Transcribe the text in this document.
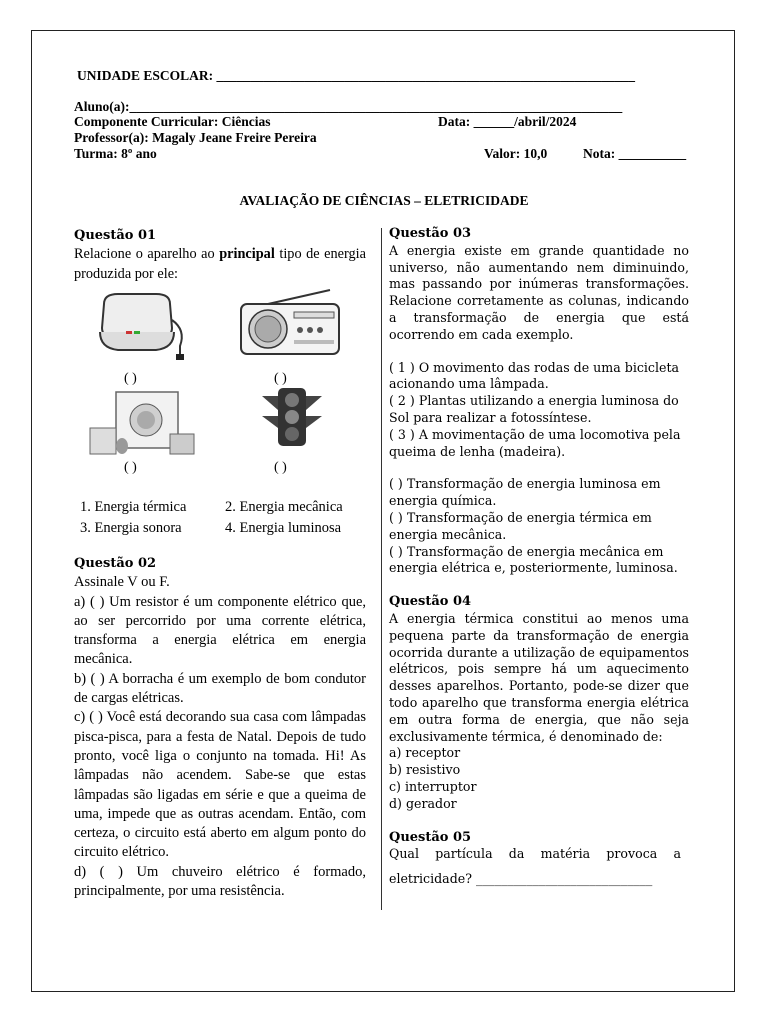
UNIDADE ESCOLAR: ______________________________________________________________
Aluno(a):_________________________________________________________________________
Componente Curricular: Ciências	Data: ______/abril/2024
Professor(a): Magaly Jeane Freire Pereira
Turma: 8º ano	Valor: 10,0	Nota: __________
AVALIAÇÃO DE CIÊNCIAS – ELETRICIDADE
Questão 01
Relacione o aparelho ao principal tipo de energia produzida por ele:
( )	( )
( )	( )
1. Energia térmica	2. Energia mecânica
3. Energia sonora	4. Energia luminosa
Questão 02
Assinale V ou F.
a) ( ) Um resistor é um componente elétrico que, ao ser percorrido por uma corrente elétrica, transforma a energia elétrica em energia mecânica.
b) ( ) A borracha é um exemplo de bom condutor de cargas elétricas.
c) ( ) Você está decorando sua casa com lâmpadas pisca-pisca, para a festa de Natal. Depois de tudo pronto, você liga o conjunto na tomada. Hi! As lâmpadas não acendem. Sabe-se que estas lâmpadas são ligadas em série e que a queima de uma, impede que as outras acendam. Então, com certeza, o circuito está aberto em algum ponto do circuito elétrico.
d) ( ) Um chuveiro elétrico é formado, principalmente, por uma resistência.
Questão 03
A energia existe em grande quantidade no universo, não aumentando nem diminuindo, mas passando por inúmeras transformações. Relacione corretamente as colunas, indicando a transformação de energia que está ocorrendo em cada exemplo.
( 1 ) O movimento das rodas de uma bicicleta acionando uma lâmpada.
( 2 ) Plantas utilizando a energia luminosa do Sol para realizar a fotossíntese.
( 3 ) A movimentação de uma locomotiva pela queima de lenha (madeira).
( ) Transformação de energia luminosa em energia química.
( ) Transformação de energia térmica em energia mecânica.
( ) Transformação de energia mecânica em energia elétrica e, posteriormente, luminosa.
Questão 04
A energia térmica constitui ao menos uma pequena parte da transformação de energia ocorrida durante a utilização de equipamentos elétricos, pois sempre há um aquecimento desses aparelhos. Portanto, pode-se dizer que todo aparelho que transforma energia elétrica em outra forma de energia, que não seja exclusivamente térmica, é denominado de:
a) receptor
b) resistivo
c) interruptor
d) gerador
Questão 05
Qual partícula da matéria provoca a
eletricidade? ____________________________
